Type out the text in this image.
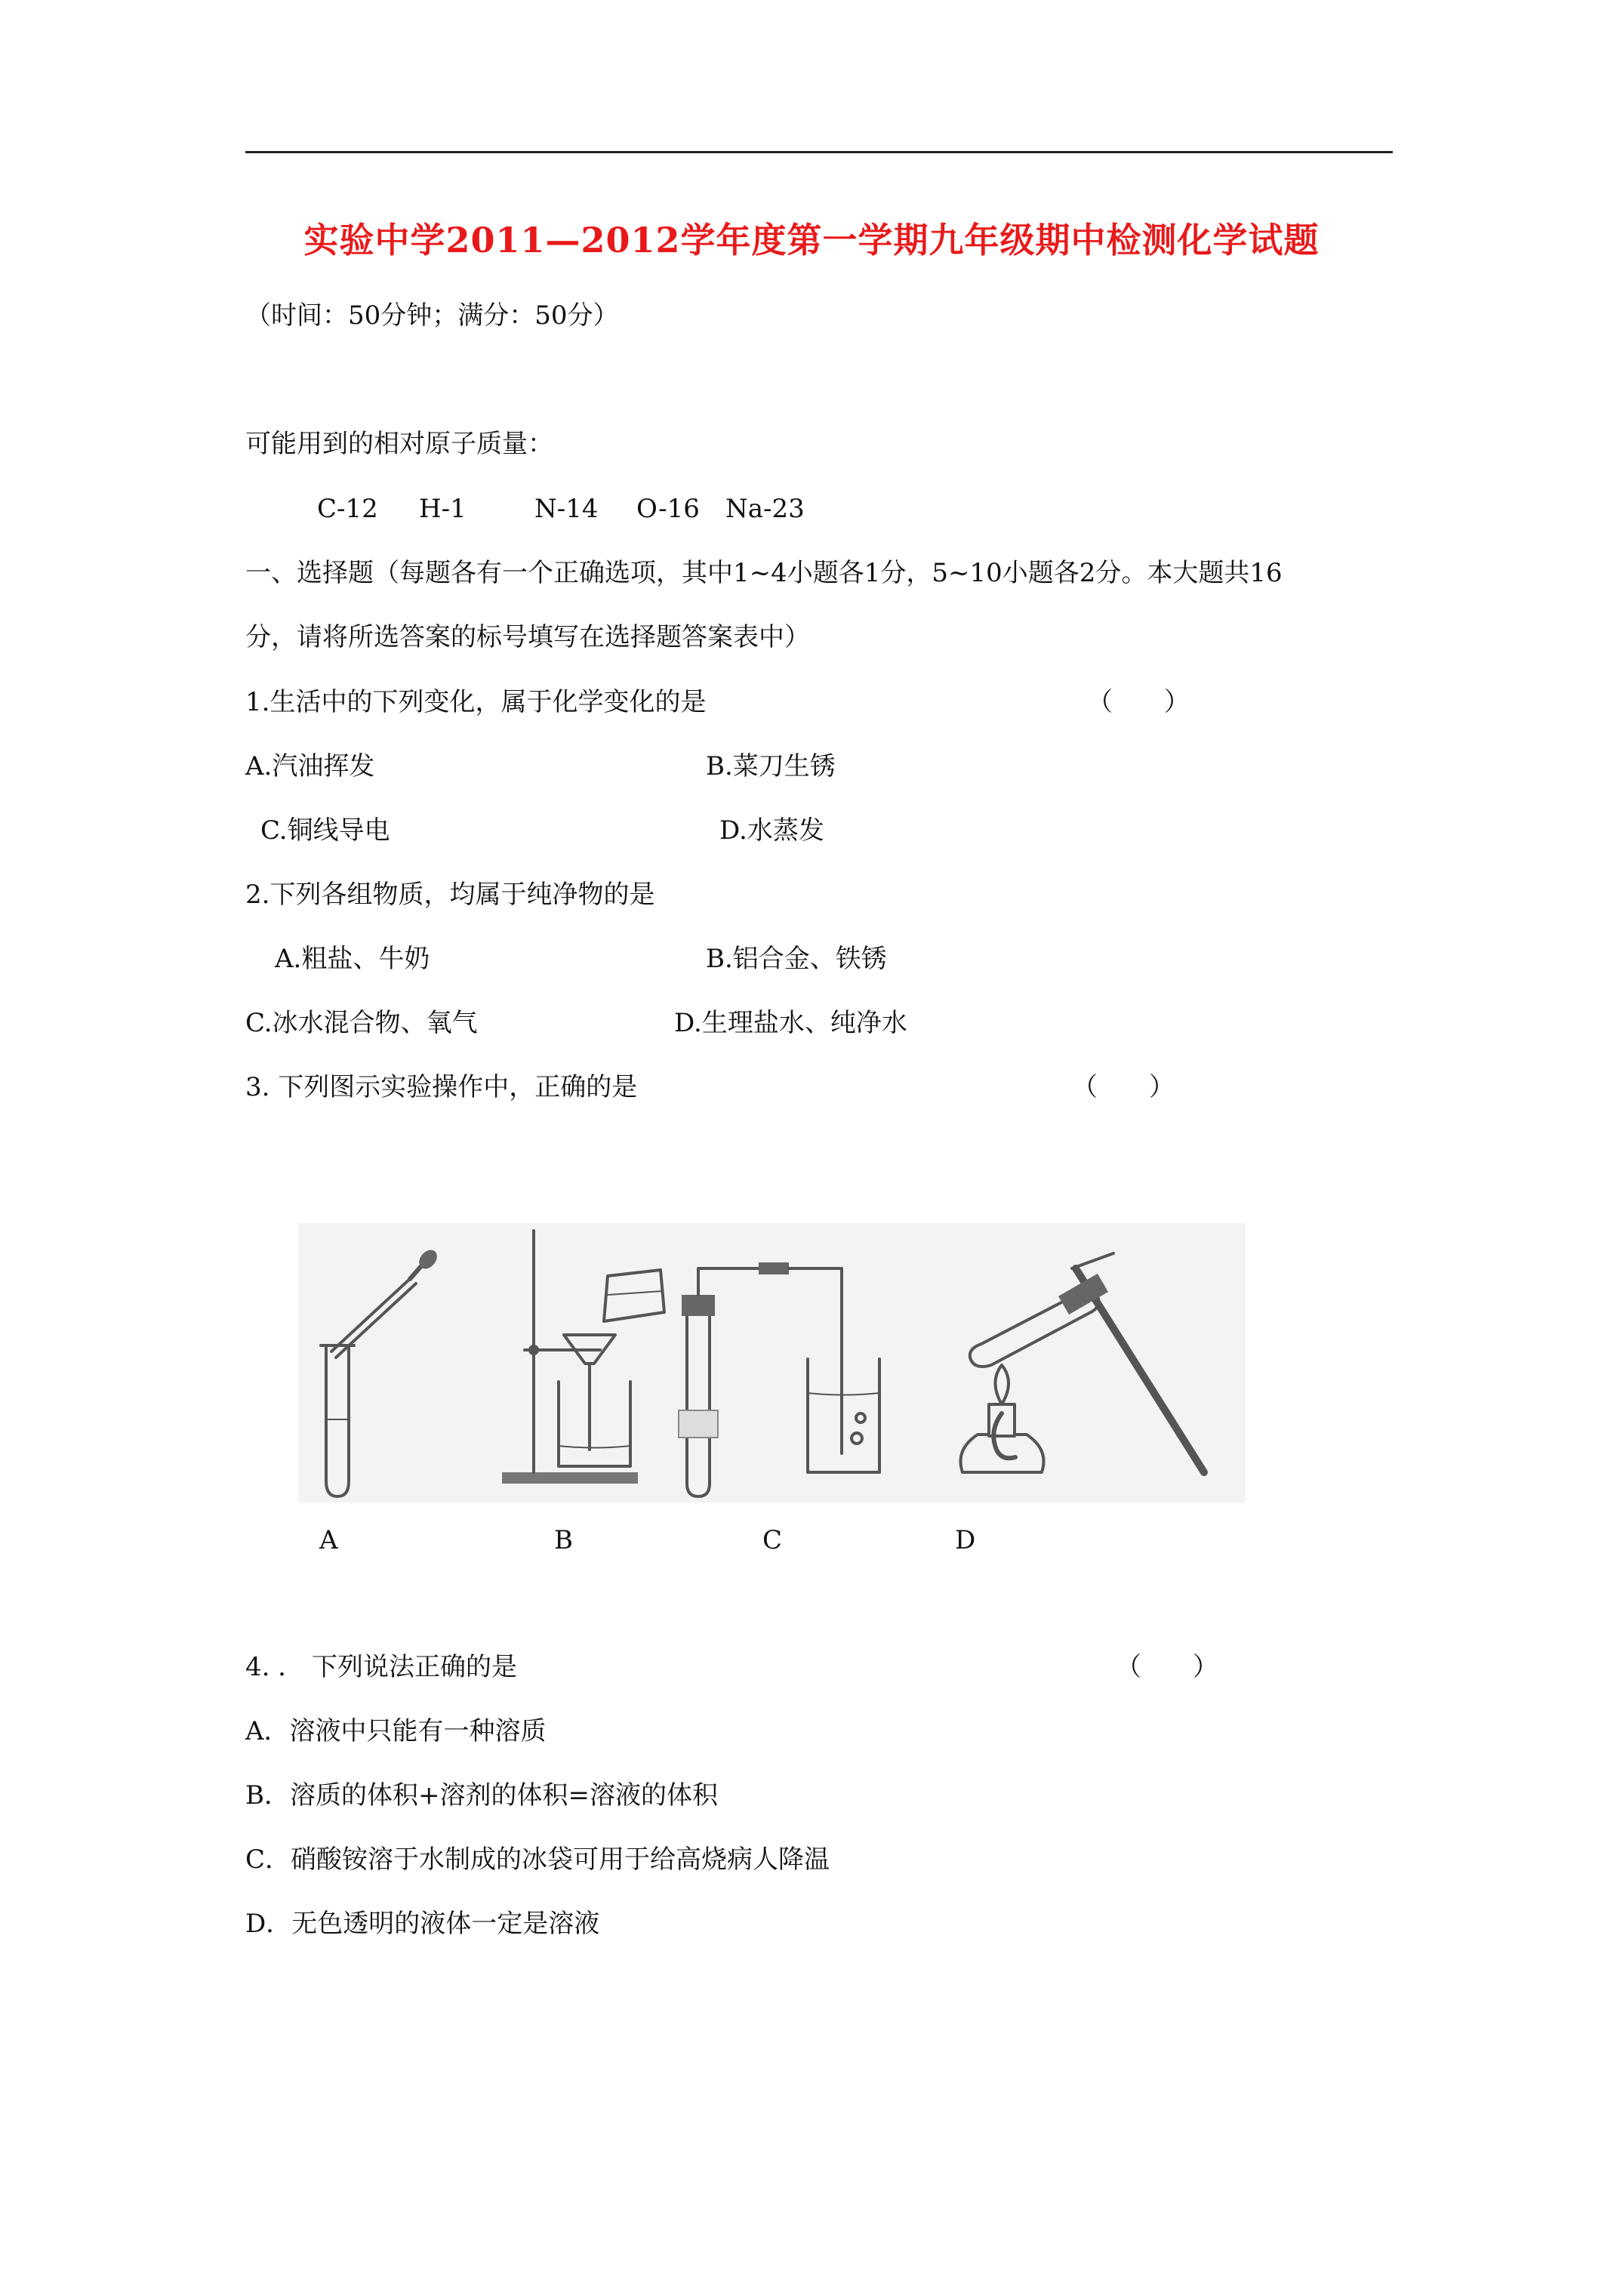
实验中学2011—2012学年度第一学期九年级期中检测化学试题
（时间：50分钟；满分：50分）
可能用到的相对原子质量：
C-12 H-1	N-14 O-16 Na-23
一、选择题（每题各有一个正确选项，其中1~4小题各1分，5~10小题各2分。本大题共16
分，请将所选答案的标号填写在选择题答案表中）
1.生活中的下列变化，属于化学变化的是	（　　）
A.汽油挥发	B.菜刀生锈
C.铜线导电	D.水蒸发
2.下列各组物质，均属于纯净物的是
A.粗盐、牛奶	B.铝合金、铁锈
C.冰水混合物、氧气	D.生理盐水、纯净水
3. 下列图示实验操作中，正确的是	（　　）
A	B	C	D
4. ． 下列说法正确的是	（　　）
A．溶液中只能有一种溶质
B．溶质的体积+溶剂的体积=溶液的体积
C．硝酸铵溶于水制成的冰袋可用于给高烧病人降温
D．无色透明的液体一定是溶液
